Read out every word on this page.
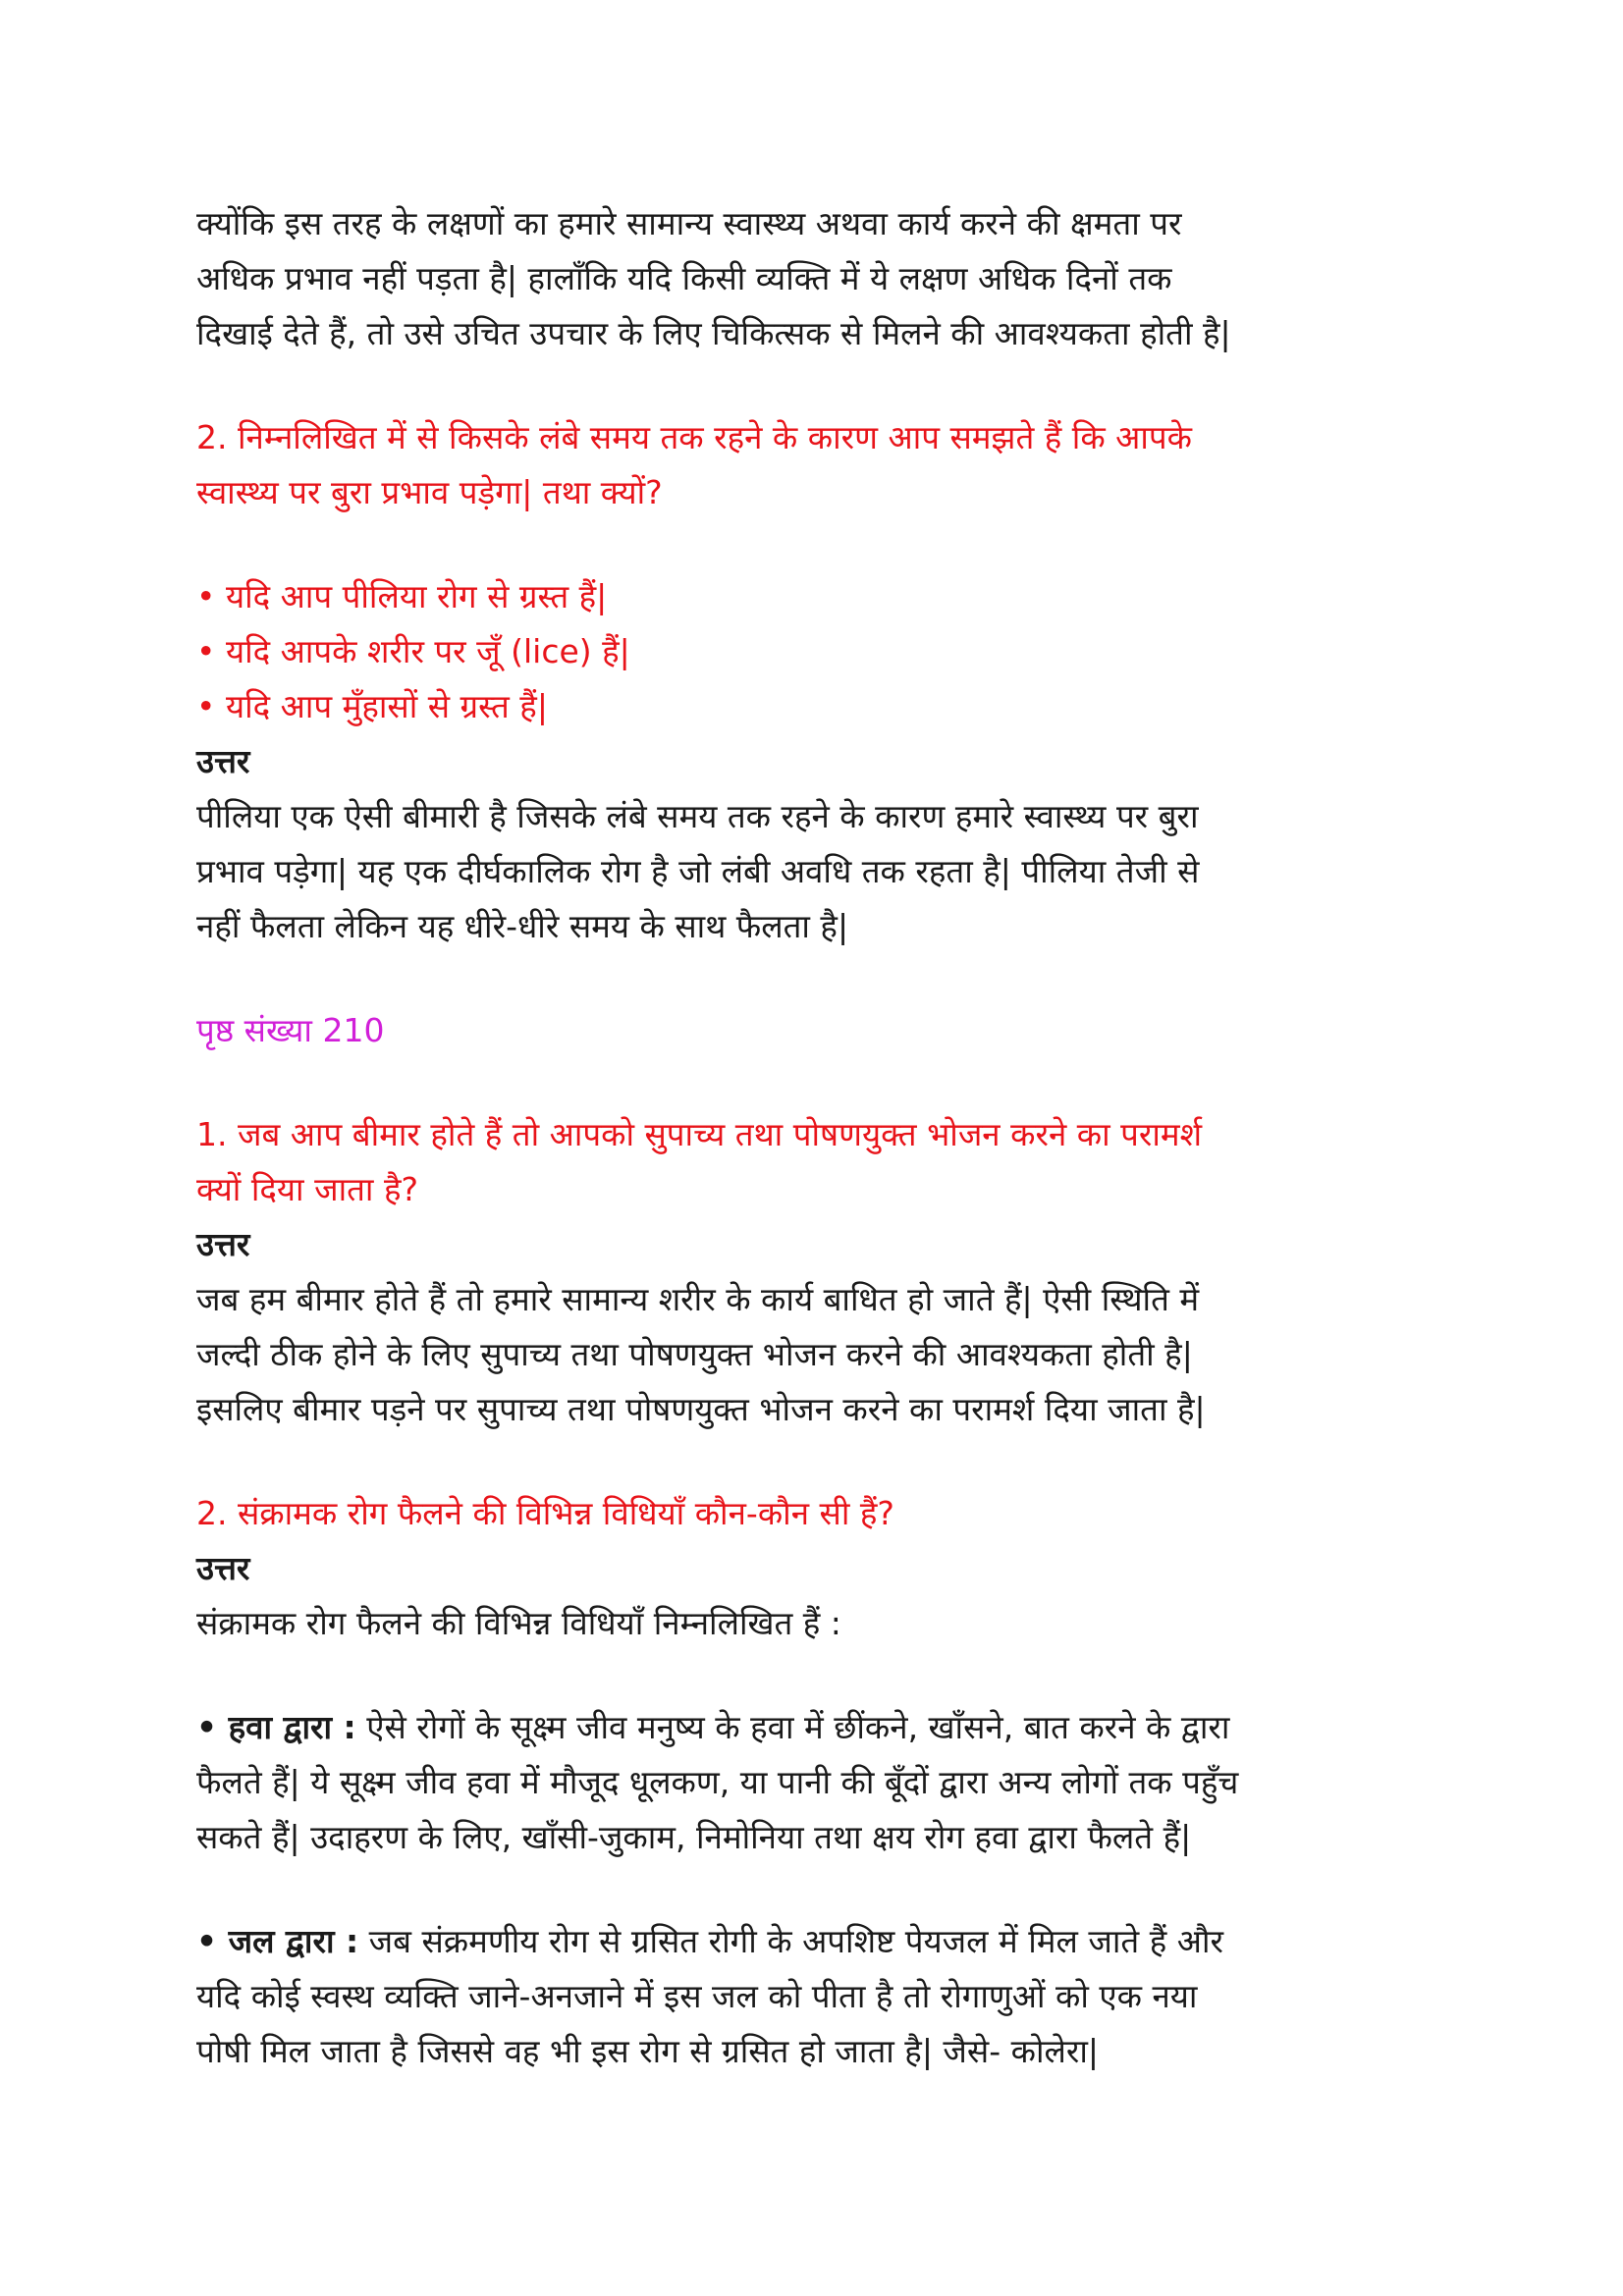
क्योंकि इस तरह के लक्षणों का हमारे सामान्य स्वास्थ्य अथवा कार्य करने की क्षमता पर

अधिक प्रभाव नहीं पड़ता है| हालाँकि यदि किसी व्यक्ति में ये लक्षण अधिक दिनों तक

दिखाई देते हैं, तो उसे उचित उपचार के लिए चिकित्सक से मिलने की आवश्यकता होती है|

2. निम्नलिखित में से किसके लंबे समय तक रहने के कारण आप समझते हैं कि आपके

स्वास्थ्य पर बुरा प्रभाव पड़ेगा| तथा क्यों?

• यदि आप पीलिया रोग से ग्रस्त हैं|

• यदि आपके शरीर पर जूँ (lice) हैं|

• यदि आप मुँहासों से ग्रस्त हैं|

उत्तर

पीलिया एक ऐसी बीमारी है जिसके लंबे समय तक रहने के कारण हमारे स्वास्थ्य पर बुरा

प्रभाव पड़ेगा| यह एक दीर्घकालिक रोग है जो लंबी अवधि तक रहता है| पीलिया तेजी से

नहीं फैलता लेकिन यह धीरे-धीरे समय के साथ फैलता है|

पृष्ठ संख्या 210

1. जब आप बीमार होते हैं तो आपको सुपाच्य तथा पोषणयुक्त भोजन करने का परामर्श

क्यों दिया जाता है?

उत्तर

जब हम बीमार होते हैं तो हमारे सामान्य शरीर के कार्य बाधित हो जाते हैं| ऐसी स्थिति में

जल्दी ठीक होने के लिए सुपाच्य तथा पोषणयुक्त भोजन करने की आवश्यकता होती है|

इसलिए बीमार पड़ने पर सुपाच्य तथा पोषणयुक्त भोजन करने का परामर्श दिया जाता है|

2. संक्रामक रोग फैलने की विभिन्न विधियाँ कौन-कौन सी हैं?

उत्तर

संक्रामक रोग फैलने की विभिन्न विधियाँ निम्नलिखित हैं :

• हवा द्वारा : ऐसे रोगों के सूक्ष्म जीव मनुष्य के हवा में छींकने, खाँसने, बात करने के द्वारा

फैलते हैं| ये सूक्ष्म जीव हवा में मौजूद धूलकण, या पानी की बूँदों द्वारा अन्य लोगों तक पहुँच

सकते हैं| उदाहरण के लिए, खाँसी-जुकाम, निमोनिया तथा क्षय रोग हवा द्वारा फैलते हैं|

• जल द्वारा : जब संक्रमणीय रोग से ग्रसित रोगी के अपशिष्ट पेयजल में मिल जाते हैं और

यदि कोई स्वस्थ व्यक्ति जाने-अनजाने में इस जल को पीता है तो रोगाणुओं को एक नया

पोषी मिल जाता है जिससे वह भी इस रोग से ग्रसित हो जाता है| जैसे- कोलेरा|
